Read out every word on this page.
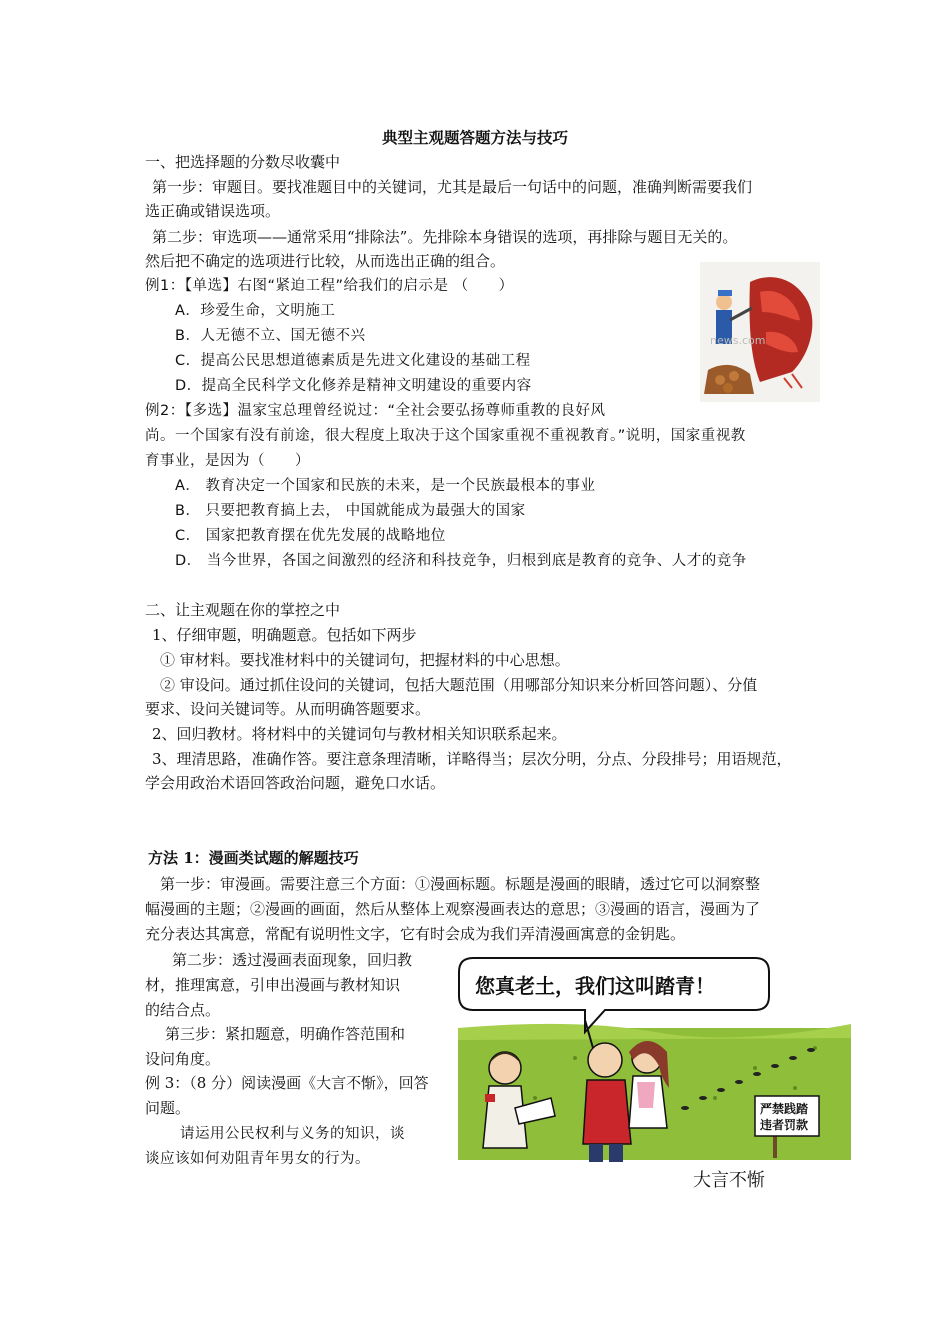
典型主观题答题方法与技巧
一、把选择题的分数尽收囊中
第一步：审题目。要找准题目中的关键词，尤其是最后一句话中的问题，准确判断需要我们
选正确或错误选项。
第二步：审选项——通常采用“排除法”。先排除本身错误的选项，再排除与题目无关的。
然后把不确定的选项进行比较，从而选出正确的组合。
例1：【单选】右图“紧迫工程”给我们的启示是 （　　）
A．珍爱生命，文明施工
B．人无德不立、国无德不兴
C．提高公民思想道德素质是先进文化建设的基础工程
D．提高全民科学文化修养是精神文明建设的重要内容
news.com
例2：【多选】温家宝总理曾经说过：“全社会要弘扬尊师重教的良好风
尚。一个国家有没有前途，很大程度上取决于这个国家重视不重视教育。”说明，国家重视教
育事业，是因为（　　）
A． 教育决定一个国家和民族的未来，是一个民族最根本的事业
B． 只要把教育搞上去， 中国就能成为最强大的国家
C． 国家把教育摆在优先发展的战略地位
D． 当今世界，各国之间激烈的经济和科技竞争，归根到底是教育的竞争、人才的竞争
二、让主观题在你的掌控之中
1、仔细审题，明确题意。包括如下两步
① 审材料。要找准材料中的关键词句，把握材料的中心思想。
② 审设问。通过抓住设问的关键词，包括大题范围（用哪部分知识来分析回答问题）、分值
要求、设问关键词等。从而明确答题要求。
2、回归教材。将材料中的关键词句与教材相关知识联系起来。
3、理清思路，准确作答。要注意条理清晰，详略得当；层次分明，分点、分段排号；用语规范，
学会用政治术语回答政治问题，避免口水话。
方法 1：漫画类试题的解题技巧
第一步：审漫画。需要注意三个方面：①漫画标题。标题是漫画的眼睛，透过它可以洞察整
幅漫画的主题；②漫画的画面，然后从整体上观察漫画表达的意思；③漫画的语言，漫画为了
充分表达其寓意，常配有说明性文字，它有时会成为我们弄清漫画寓意的金钥匙。
第二步：透过漫画表面现象，回归教
材，推理寓意，引申出漫画与教材知识
的结合点。
第三步：紧扣题意，明确作答范围和
设问角度。
例 3：（8 分）阅读漫画《大言不惭》，回答
问题。
请运用公民权利与义务的知识，谈
谈应该如何劝阻青年男女的行为。
您真老土，我们这叫踏青！
严禁践踏
违者罚款
大言不惭
